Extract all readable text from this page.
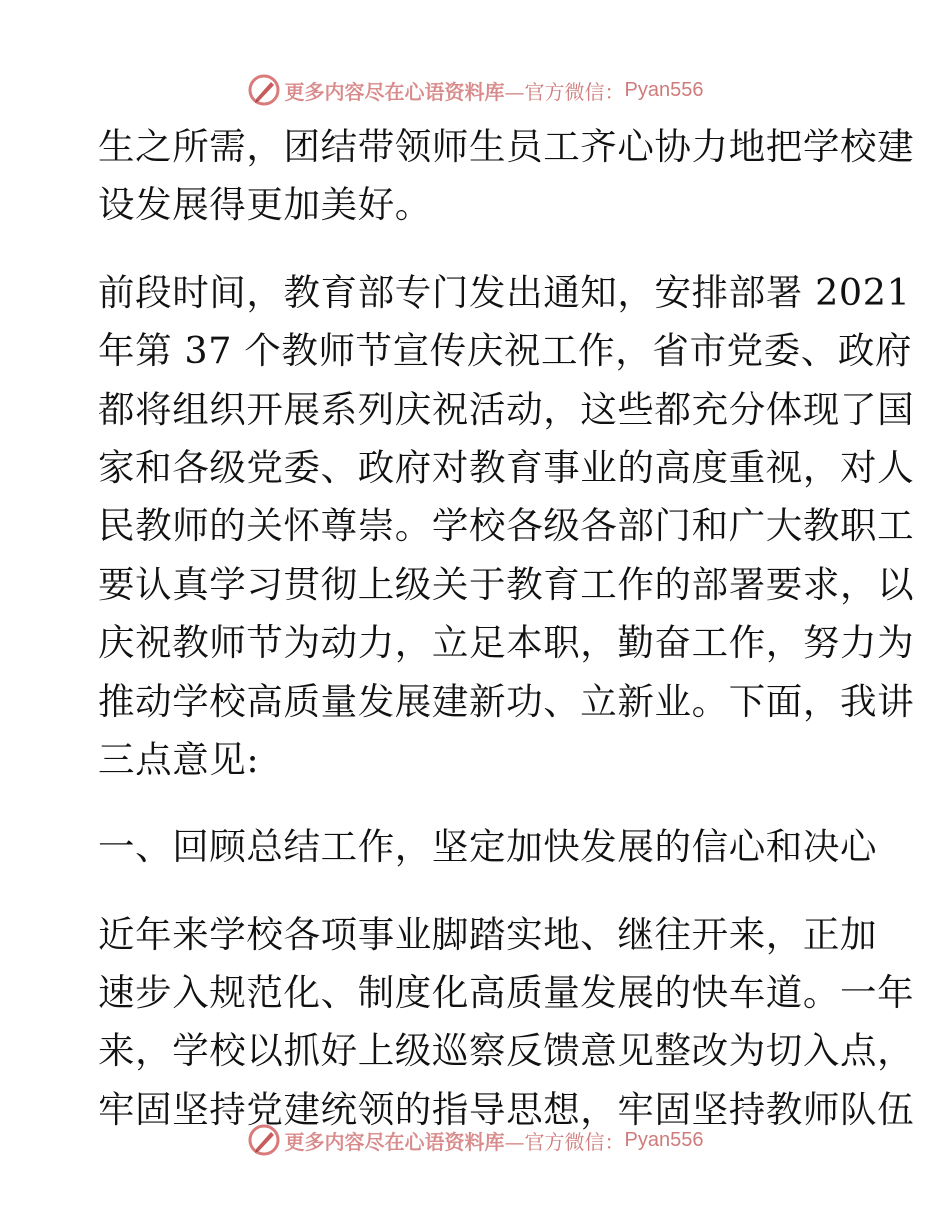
更多内容尽在心语资料库 —官方微信： Pyan556
生之所需，团结带领师生员工齐心协力地把学校建
设发展得更加美好。
前段时间，教育部专门发出通知，安排部署 2021
年第 37 个教师节宣传庆祝工作，省市党委、政府
都将组织开展系列庆祝活动，这些都充分体现了国
家和各级党委、政府对教育事业的高度重视，对人
民教师的关怀尊崇。学校各级各部门和广大教职工
要认真学习贯彻上级关于教育工作的部署要求，以
庆祝教师节为动力，立足本职，勤奋工作，努力为
推动学校高质量发展建新功、立新业。下面，我讲
三点意见:
一、回顾总结工作，坚定加快发展的信心和决心
近年来学校各项事业脚踏实地、继往开来，正加
速步入规范化、制度化高质量发展的快车道。一年
来，学校以抓好上级巡察反馈意见整改为切入点，
牢固坚持党建统领的指导思想，牢固坚持教师队伍
更多内容尽在心语资料库 —官方微信： Pyan556
